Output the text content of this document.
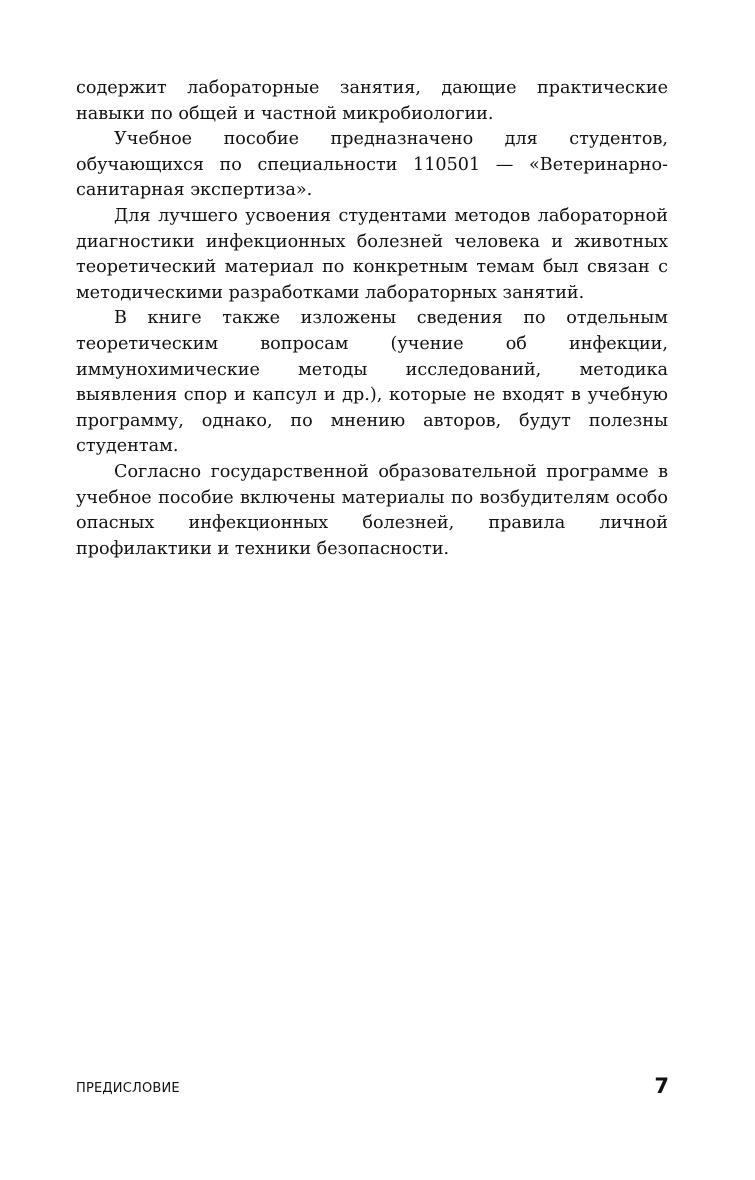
содержит лабораторные занятия, дающие практические навыки по общей и частной микробиологии.

Учебное пособие предназначено для студентов, обучающихся по специальности 110501 — «Ветеринарно-санитарная экспертиза».

Для лучшего усвоения студентами методов лабораторной диагностики инфекционных болезней человека и животных теоретический материал по конкретным темам был связан с методическими разработками лабораторных занятий.

В книге также изложены сведения по отдельным теоретическим вопросам (учение об инфекции, иммунохимические методы исследований, методика выявления спор и капсул и др.), которые не входят в учебную программу, однако, по мнению авторов, будут полезны студентам.

Согласно государственной образовательной программе в учебное пособие включены материалы по возбудителям особо опасных инфекционных болезней, правила личной профилактики и техники безопасности.

ПРЕДИСЛОВИЕ	7
